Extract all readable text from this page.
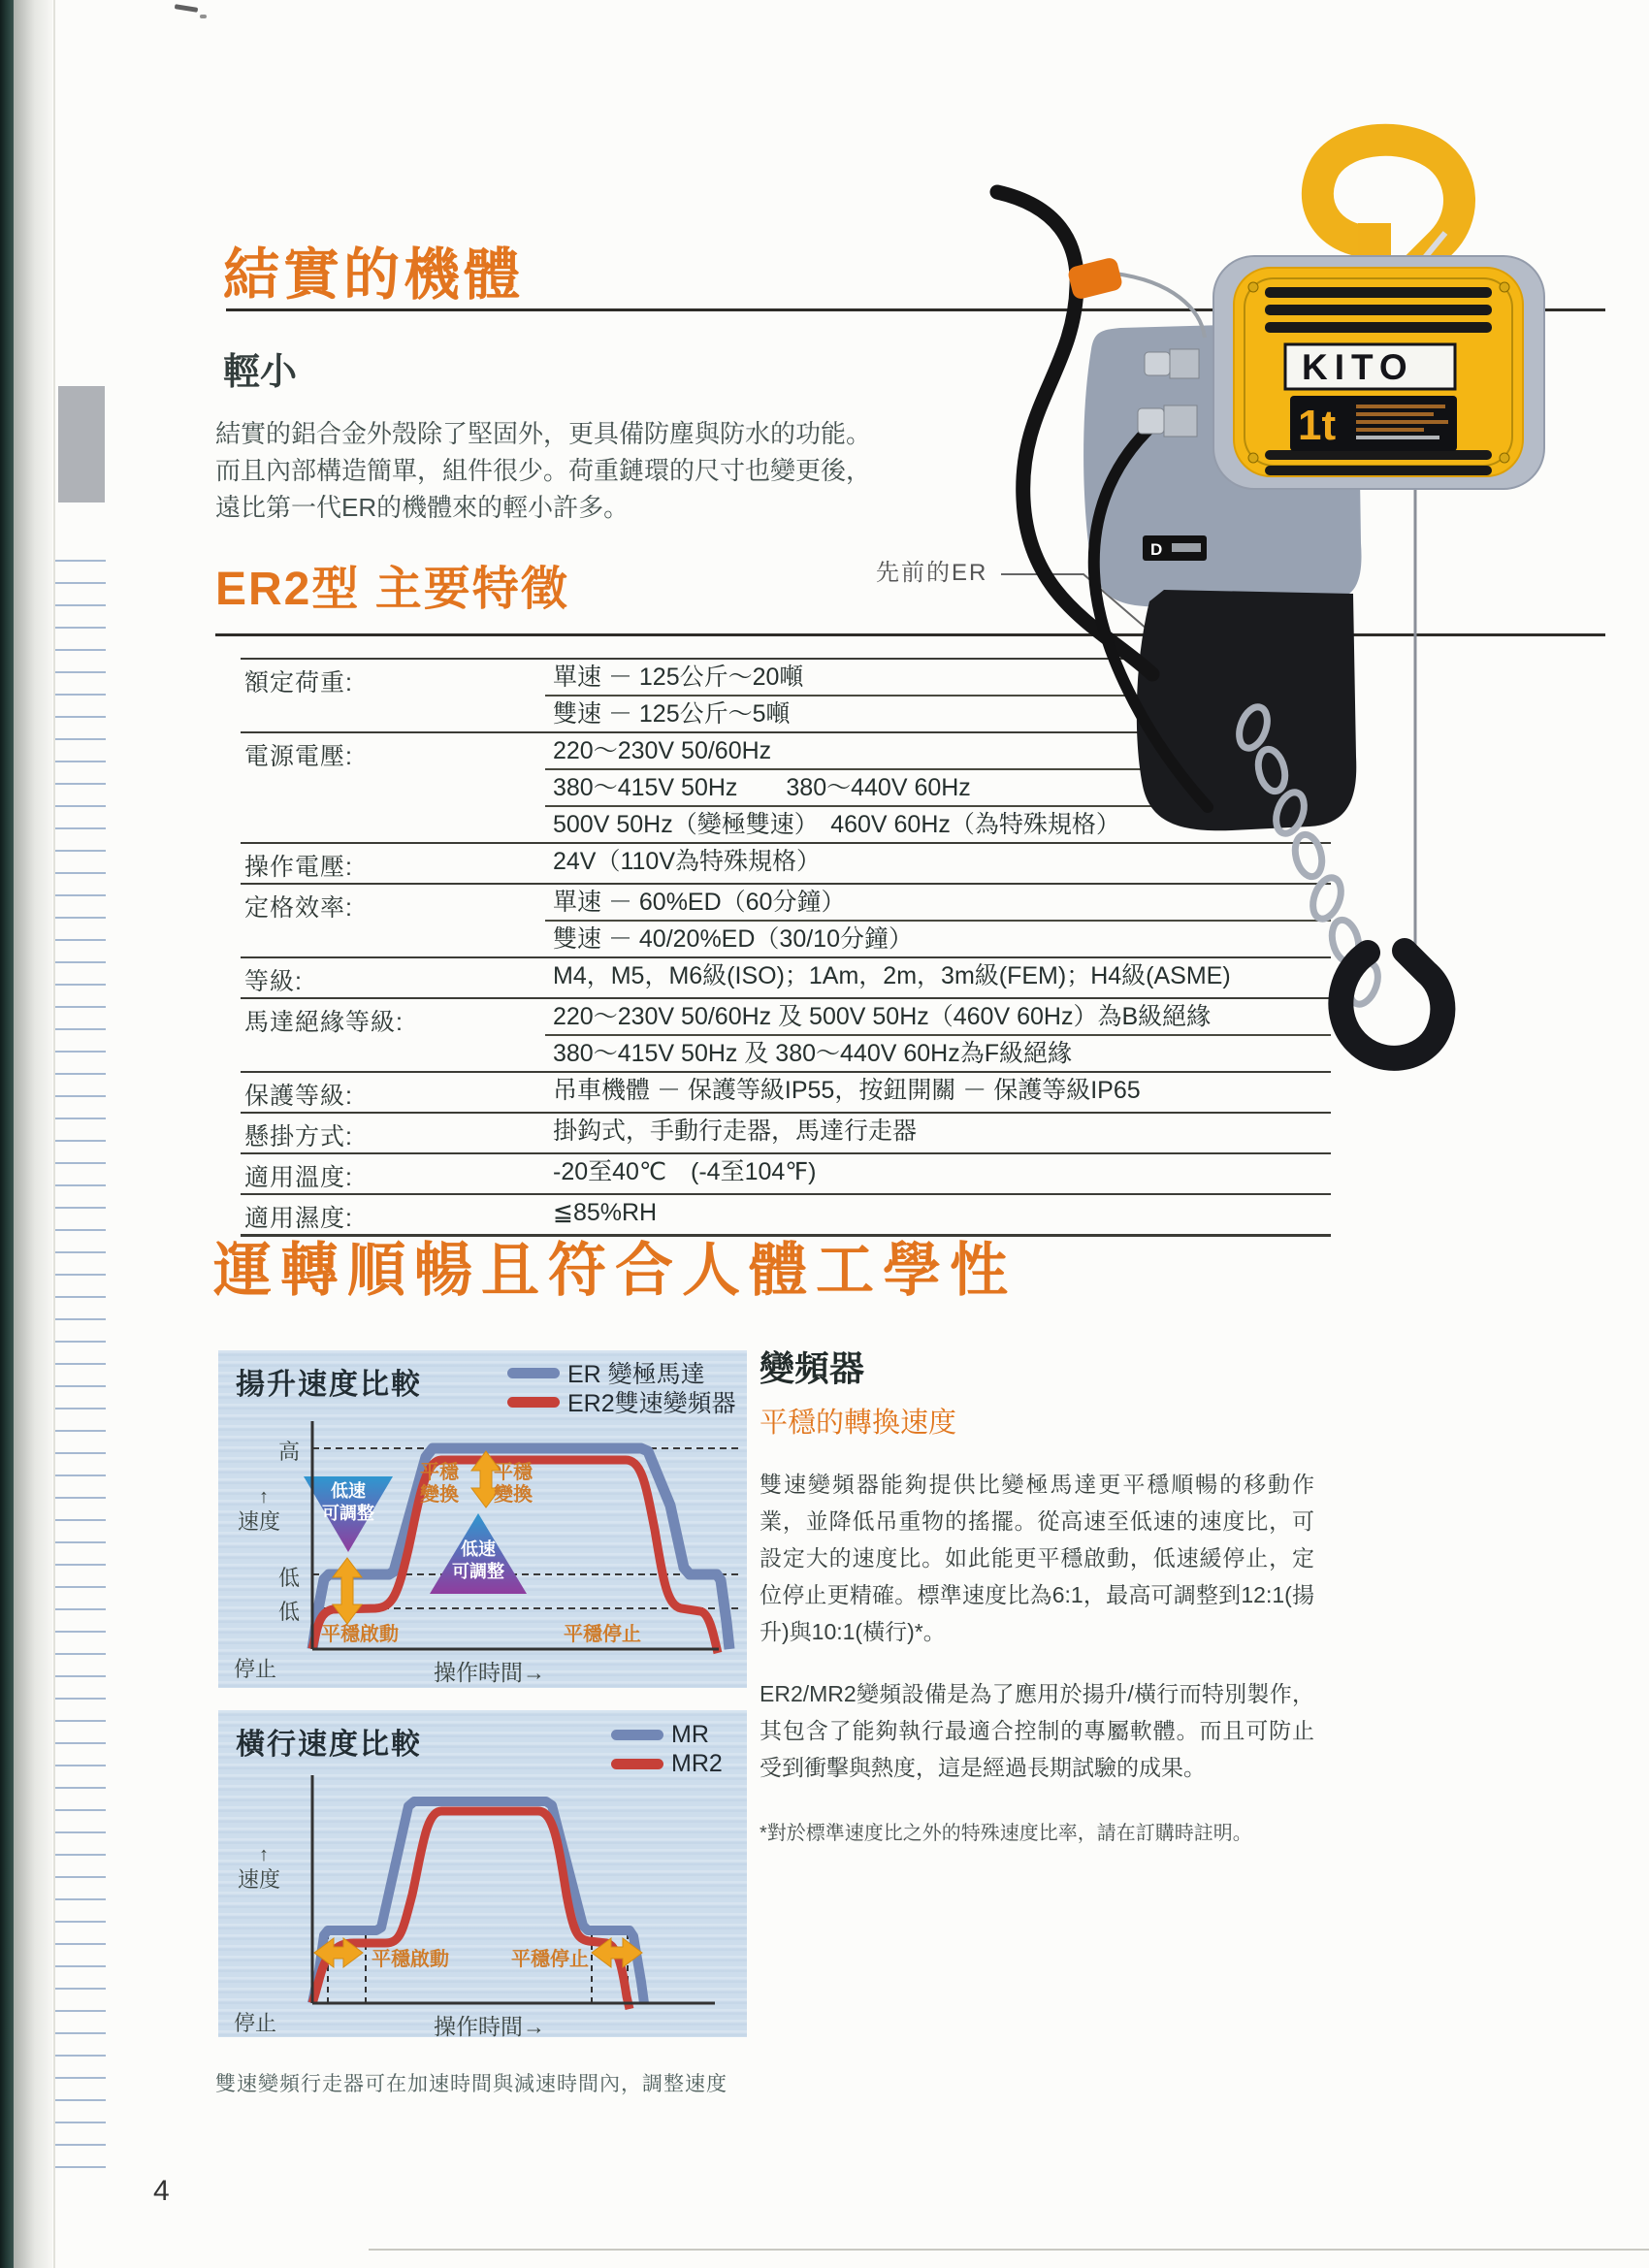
結實的機體
輕小
結實的鋁合金外殼除了堅固外，更具備防塵與防水的功能。
而且內部構造簡單，組件很少。荷重鏈環的尺寸也變更後，
遠比第一代ER的機體來的輕小許多。
ER2型 主要特徵
額定荷重:	單速 － 125公斤～20噸
雙速 － 125公斤～5噸
電源電壓:	220～230V 50/60Hz
380～415V 50Hz　　380～440V 60Hz
500V 50Hz（變極雙速）　460V 60Hz（為特殊規格）
操作電壓:	24V（110V為特殊規格）
定格效率:	單速 － 60%ED（60分鐘）
雙速 － 40/20%ED（30/10分鐘）
等級:	M4，M5，M6級(ISO)；1Am，2m，3m級(FEM)；H4級(ASME)
馬達絕緣等級:	220～230V 50/60Hz 及 500V 50Hz（460V 60Hz）為B級絕緣
380～415V 50Hz 及 380～440V 60Hz為F級絕緣
保護等級:	吊車機體 － 保護等級IP55，按鈕開關 － 保護等級IP65
懸掛方式:	掛鈎式，手動行走器，馬達行走器
適用溫度:	-20至40℃　(-4至104℉)
適用濕度:	≦85%RH
先前的ER
D
KITO
1t
運轉順暢且符合人體工學性
揚升速度比較	ER 變極馬達
ER2雙速變頻器
高
低
低
↑
速度
停止	操作時間→
低速
可調整
低速
可調整
平穩
變換
平穩
變換
平穩啟動	平穩停止
橫行速度比較	MR
MR2
↑
速度
停止	操作時間→
平穩啟動	平穩停止
變頻器
平穩的轉換速度
雙速變頻器能夠提供比變極馬達更平穩順暢的移動作業，並降低吊重物的搖擺。從高速至低速的速度比，可設定大的速度比。如此能更平穩啟動，低速緩停止，定位停止更精確。標準速度比為6:1，最高可調整到12:1(揚升)與10:1(橫行)*。
ER2/MR2變頻設備是為了應用於揚升/橫行而特別製作，其包含了能夠執行最適合控制的專屬軟體。而且可防止受到衝擊與熱度，這是經過長期試驗的成果。
*對於標準速度比之外的特殊速度比率，請在訂購時註明。
雙速變頻行走器可在加速時間與減速時間內，調整速度
4
